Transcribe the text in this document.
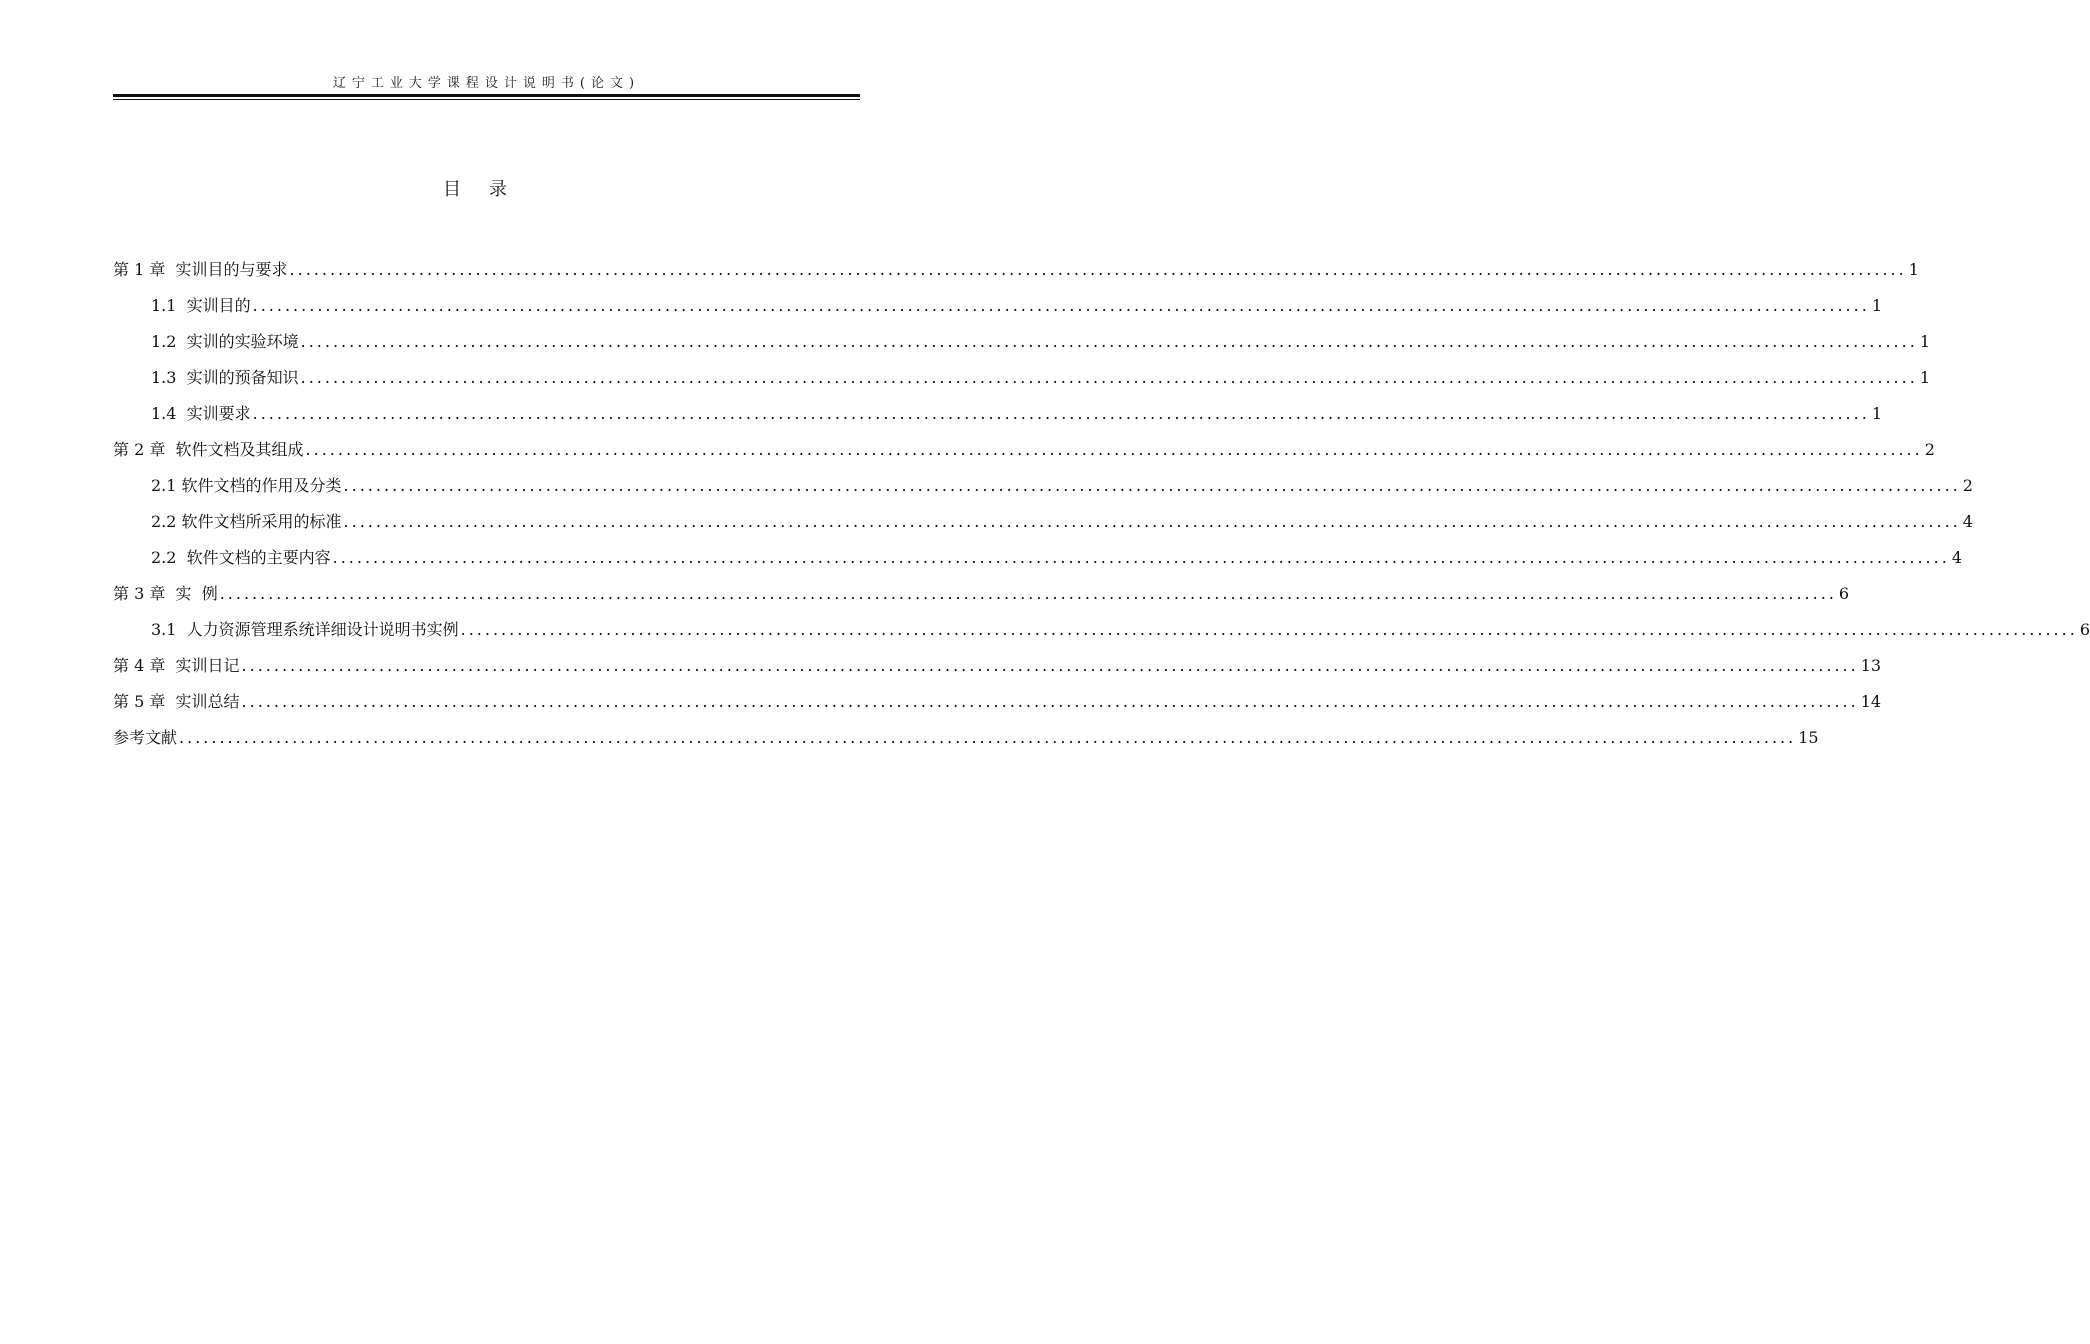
辽宁工业大学课程设计说明书(论文)
目 录
第 1 章  实训目的与要求 ........................................................................................................................................................................................................ 1
1.1  实训目的 ........................................................................................................................................................................................................ 1
1.2  实训的实验环境 ........................................................................................................................................................................................................ 1
1.3  实训的预备知识 ........................................................................................................................................................................................................ 1
1.4  实训要求 ........................................................................................................................................................................................................ 1
第 2 章  软件文档及其组成 ........................................................................................................................................................................................................ 2
2.1 软件文档的作用及分类 ........................................................................................................................................................................................................ 2
2.2 软件文档所采用的标准 ........................................................................................................................................................................................................ 4
2.2  软件文档的主要内容 ........................................................................................................................................................................................................ 4
第 3 章  实  例 ........................................................................................................................................................................................................ 6
3.1  人力资源管理系统详细设计说明书实例 ........................................................................................................................................................................................................ 6
第 4 章  实训日记 ........................................................................................................................................................................................................ 13
第 5 章  实训总结 ........................................................................................................................................................................................................ 14
参考文献 ........................................................................................................................................................................................................ 15
